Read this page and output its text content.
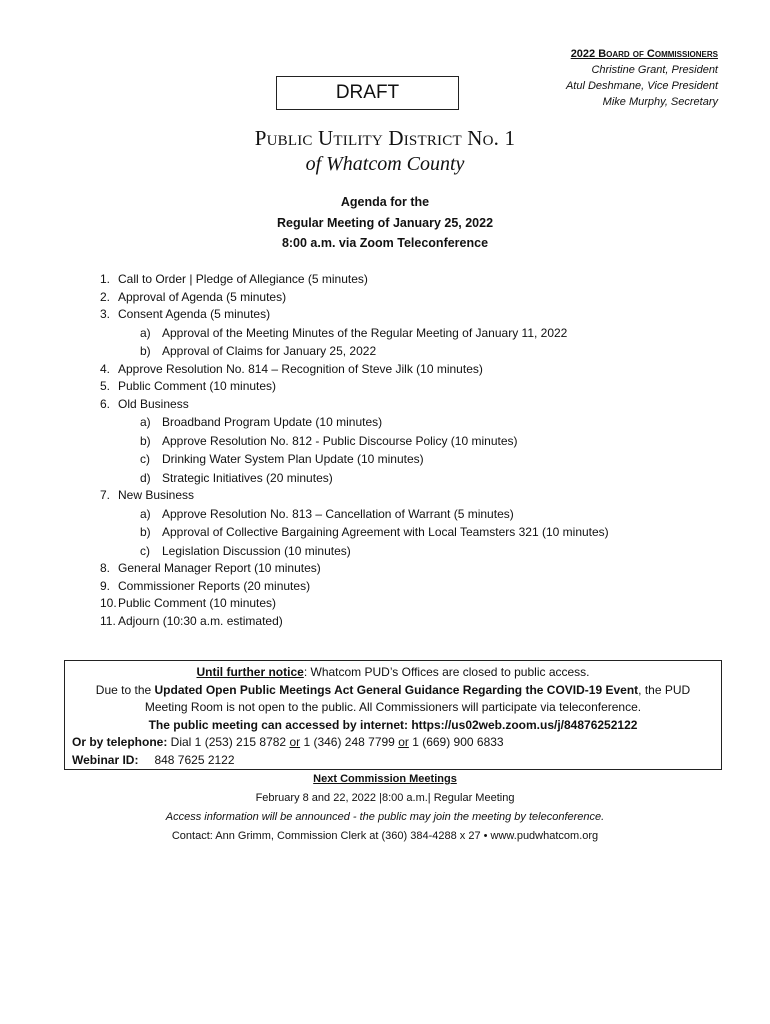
2022 Board of Commissioners
Christine Grant, President
Atul Deshmane, Vice President
Mike Murphy, Secretary
DRAFT
Public Utility District No. 1
of Whatcom County
Agenda for the
Regular Meeting of January 25, 2022
8:00 a.m. via Zoom Teleconference
1. Call to Order | Pledge of Allegiance (5 minutes)
2. Approval of Agenda (5 minutes)
3. Consent Agenda (5 minutes)
a) Approval of the Meeting Minutes of the Regular Meeting of January 11, 2022
b) Approval of Claims for January 25, 2022
4. Approve Resolution No. 814 – Recognition of Steve Jilk (10 minutes)
5. Public Comment (10 minutes)
6. Old Business
a) Broadband Program Update (10 minutes)
b) Approve Resolution No. 812 - Public Discourse Policy (10 minutes)
c) Drinking Water System Plan Update (10 minutes)
d) Strategic Initiatives (20 minutes)
7. New Business
a) Approve Resolution No. 813 – Cancellation of Warrant (5 minutes)
b) Approval of Collective Bargaining Agreement with Local Teamsters 321 (10 minutes)
c) Legislation Discussion (10 minutes)
8. General Manager Report (10 minutes)
9. Commissioner Reports (20 minutes)
10.Public Comment (10 minutes)
11. Adjourn (10:30 a.m. estimated)
Until further notice: Whatcom PUD’s Offices are closed to public access.
Due to the Updated Open Public Meetings Act General Guidance Regarding the COVID-19 Event, the PUD
Meeting Room is not open to the public. All Commissioners will participate via teleconference.
The public meeting can accessed by internet: https://us02web.zoom.us/j/84876252122
Or by telephone: Dial 1 (253) 215 8782 or 1 (346) 248 7799 or 1 (669) 900 6833
Webinar ID: 848 7625 2122
Next Commission Meetings
February 8 and 22, 2022 |8:00 a.m.| Regular Meeting
Access information will be announced - the public may join the meeting by teleconference.
Contact: Ann Grimm, Commission Clerk at (360) 384-4288 x 27 • www.pudwhatcom.org
